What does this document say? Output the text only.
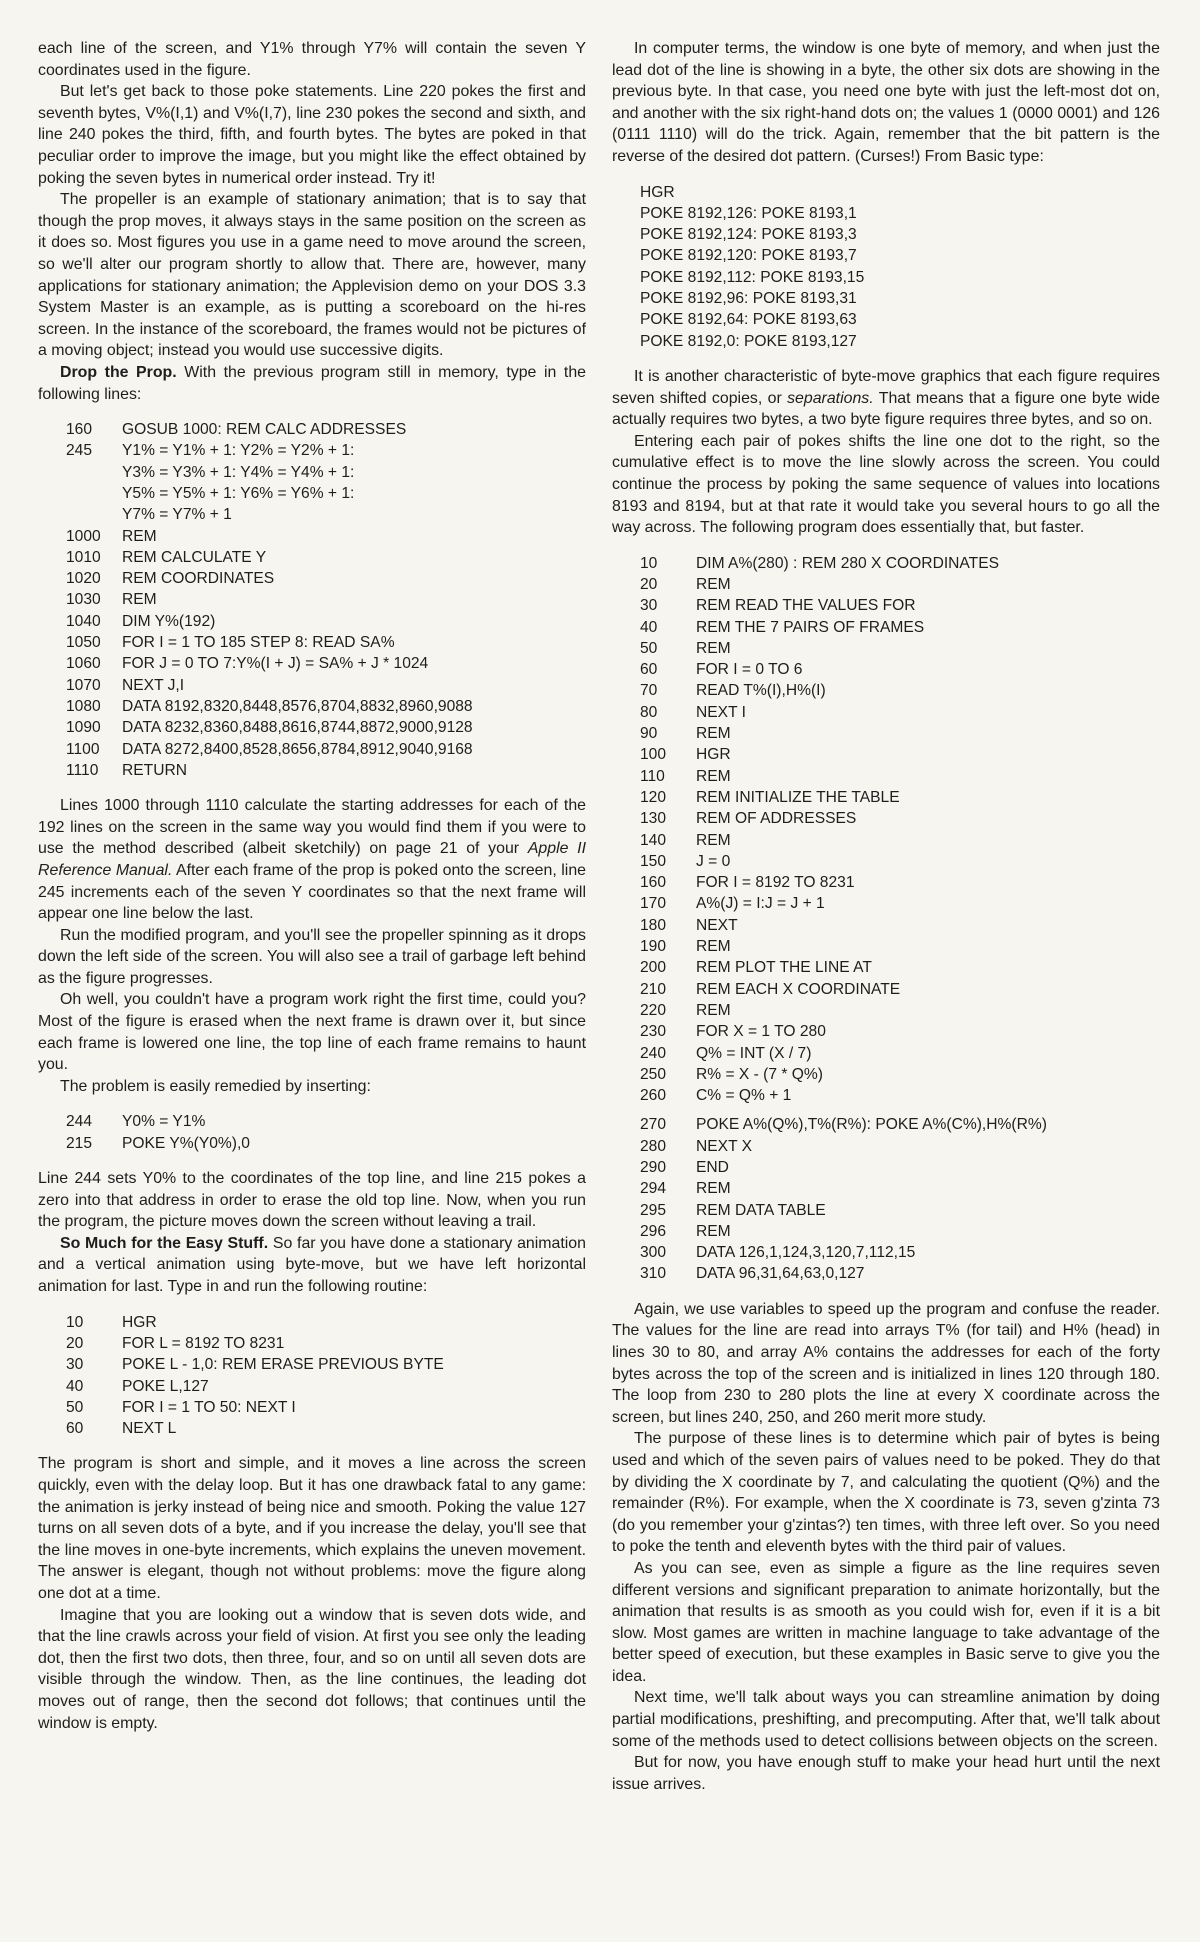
each line of the screen, and Y1% through Y7% will contain the seven Y coordinates used in the figure.

But let's get back to those poke statements. Line 220 pokes the first and seventh bytes, V%(I,1) and V%(I,7), line 230 pokes the second and sixth, and line 240 pokes the third, fifth, and fourth bytes. The bytes are poked in that peculiar order to improve the image, but you might like the effect obtained by poking the seven bytes in numerical order instead. Try it!

The propeller is an example of stationary animation; that is to say that though the prop moves, it always stays in the same position on the screen as it does so. Most figures you use in a game need to move around the screen, so we'll alter our program shortly to allow that. There are, however, many applications for stationary animation; the Applevision demo on your DOS 3.3 System Master is an example, as is putting a scoreboard on the hi-res screen. In the instance of the scoreboard, the frames would not be pictures of a moving object; instead you would use successive digits.

Drop the Prop. With the previous program still in memory, type in the following lines:

160	GOSUB 1000: REM CALC ADDRESSES
245	Y1% = Y1% + 1: Y2% = Y2% + 1:
Y3% = Y3% + 1: Y4% = Y4% + 1:
Y5% = Y5% + 1: Y6% = Y6% + 1:
Y7% = Y7% + 1
1000	REM
1010	REM CALCULATE Y
1020	REM COORDINATES
1030	REM
1040	DIM Y%(192)
1050	FOR I = 1 TO 185 STEP 8: READ SA%
1060	FOR J = 0 TO 7:Y%(I + J) = SA% + J * 1024
1070	NEXT J,I
1080	DATA 8192,8320,8448,8576,8704,8832,8960,9088
1090	DATA 8232,8360,8488,8616,8744,8872,9000,9128
1100	DATA 8272,8400,8528,8656,8784,8912,9040,9168
1110	RETURN

Lines 1000 through 1110 calculate the starting addresses for each of the 192 lines on the screen in the same way you would find them if you were to use the method described (albeit sketchily) on page 21 of your Apple II Reference Manual. After each frame of the prop is poked onto the screen, line 245 increments each of the seven Y coordinates so that the next frame will appear one line below the last.

Run the modified program, and you'll see the propeller spinning as it drops down the left side of the screen. You will also see a trail of garbage left behind as the figure progresses.

Oh well, you couldn't have a program work right the first time, could you? Most of the figure is erased when the next frame is drawn over it, but since each frame is lowered one line, the top line of each frame remains to haunt you.

The problem is easily remedied by inserting:

244	Y0% = Y1%
215	POKE Y%(Y0%),0

Line 244 sets Y0% to the coordinates of the top line, and line 215 pokes a zero into that address in order to erase the old top line. Now, when you run the program, the picture moves down the screen without leaving a trail.

So Much for the Easy Stuff. So far you have done a stationary animation and a vertical animation using byte-move, but we have left horizontal animation for last. Type in and run the following routine:

10	HGR
20	FOR L = 8192 TO 8231
30	POKE L - 1,0: REM ERASE PREVIOUS BYTE
40	POKE L,127
50	FOR I = 1 TO 50: NEXT I
60	NEXT L

The program is short and simple, and it moves a line across the screen quickly, even with the delay loop. But it has one drawback fatal to any game: the animation is jerky instead of being nice and smooth. Poking the value 127 turns on all seven dots of a byte, and if you increase the delay, you'll see that the line moves in one-byte increments, which explains the uneven movement. The answer is elegant, though not without problems: move the figure along one dot at a time.

Imagine that you are looking out a window that is seven dots wide, and that the line crawls across your field of vision. At first you see only the leading dot, then the first two dots, then three, four, and so on until all seven dots are visible through the window. Then, as the line continues, the leading dot moves out of range, then the second dot follows; that continues until the window is empty.

In computer terms, the window is one byte of memory, and when just the lead dot of the line is showing in a byte, the other six dots are showing in the previous byte. In that case, you need one byte with just the left-most dot on, and another with the six right-hand dots on; the values 1 (0000 0001) and 126 (0111 1110) will do the trick. Again, remember that the bit pattern is the reverse of the desired dot pattern. (Curses!) From Basic type:

HGR
POKE 8192,126: POKE 8193,1
POKE 8192,124: POKE 8193,3
POKE 8192,120: POKE 8193,7
POKE 8192,112: POKE 8193,15
POKE 8192,96: POKE 8193,31
POKE 8192,64: POKE 8193,63
POKE 8192,0: POKE 8193,127

It is another characteristic of byte-move graphics that each figure requires seven shifted copies, or separations. That means that a figure one byte wide actually requires two bytes, a two byte figure requires three bytes, and so on.

Entering each pair of pokes shifts the line one dot to the right, so the cumulative effect is to move the line slowly across the screen. You could continue the process by poking the same sequence of values into locations 8193 and 8194, but at that rate it would take you several hours to go all the way across. The following program does essentially that, but faster.

10	DIM A%(280) : REM 280 X COORDINATES
20	REM
30	REM READ THE VALUES FOR
40	REM THE 7 PAIRS OF FRAMES
50	REM
60	FOR I = 0 TO 6
70	READ T%(I),H%(I)
80	NEXT I
90	REM
100	HGR
110	REM
120	REM INITIALIZE THE TABLE
130	REM OF ADDRESSES
140	REM
150	J = 0
160	FOR I = 8192 TO 8231
170	A%(J) = I:J = J + 1
180	NEXT
190	REM
200	REM PLOT THE LINE AT
210	REM EACH X COORDINATE
220	REM
230	FOR X = 1 TO 280
240	Q% = INT (X / 7)
250	R% = X - (7 * Q%)
260	C% = Q% + 1
270	POKE A%(Q%),T%(R%): POKE A%(C%),H%(R%)
280	NEXT X
290	END
294	REM
295	REM DATA TABLE
296	REM
300	DATA 126,1,124,3,120,7,112,15
310	DATA 96,31,64,63,0,127

Again, we use variables to speed up the program and confuse the reader. The values for the line are read into arrays T% (for tail) and H% (head) in lines 30 to 80, and array A% contains the addresses for each of the forty bytes across the top of the screen and is initialized in lines 120 through 180. The loop from 230 to 280 plots the line at every X coordinate across the screen, but lines 240, 250, and 260 merit more study.

The purpose of these lines is to determine which pair of bytes is being used and which of the seven pairs of values need to be poked. They do that by dividing the X coordinate by 7, and calculating the quotient (Q%) and the remainder (R%). For example, when the X coordinate is 73, seven g'zinta 73 (do you remember your g'zintas?) ten times, with three left over. So you need to poke the tenth and eleventh bytes with the third pair of values.

As you can see, even as simple a figure as the line requires seven different versions and significant preparation to animate horizontally, but the animation that results is as smooth as you could wish for, even if it is a bit slow. Most games are written in machine language to take advantage of the better speed of execution, but these examples in Basic serve to give you the idea.

Next time, we'll talk about ways you can streamline animation by doing partial modifications, preshifting, and precomputing. After that, we'll talk about some of the methods used to detect collisions between objects on the screen.

But for now, you have enough stuff to make your head hurt until the next issue arrives.
